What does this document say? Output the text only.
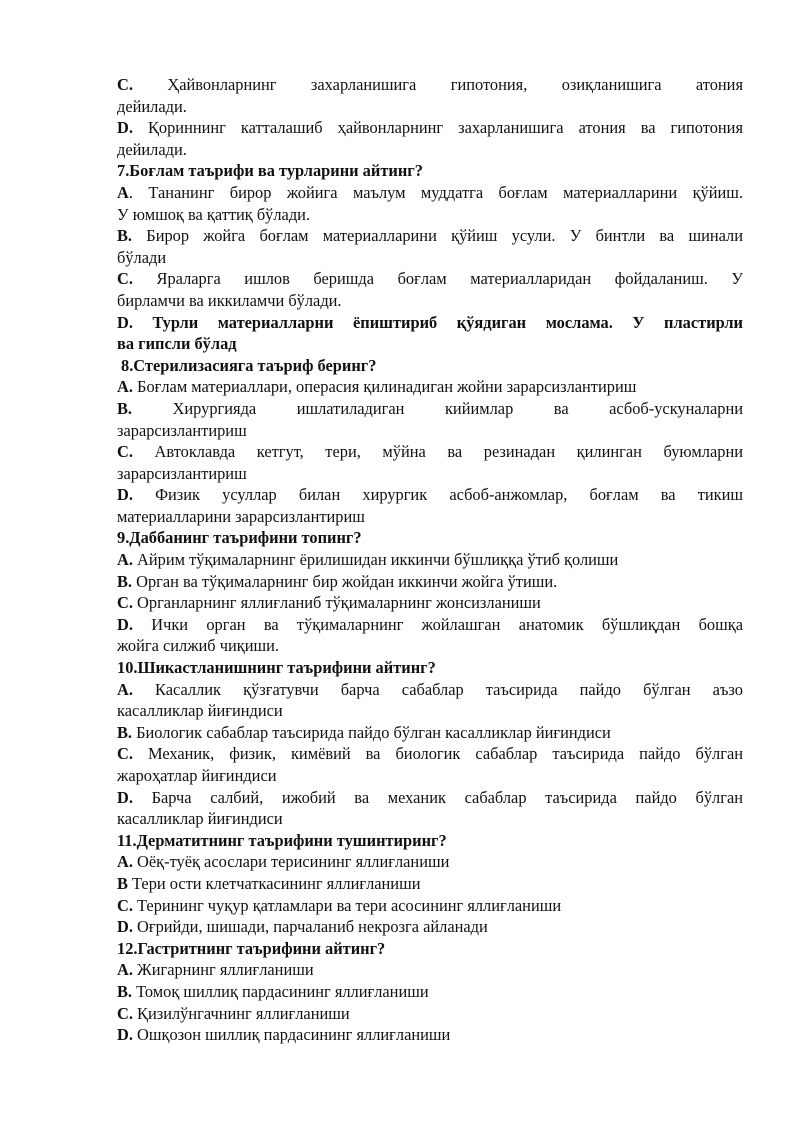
C. Ҳайвонларнинг захарланишига гипотония, озиқланишига атония
дейилади.
D. Қориннинг катталашиб ҳайвонларнинг захарланишига атония ва гипотония
дейилади.
7.Боғлам таърифи ва турларини айтинг?
А. Тананинг бирор жойига маълум муддатга боғлам материалларини қўйиш.
У юмшоқ ва қаттиқ бўлади.
B. Бирор жойга боғлам материалларини қўйиш усули. У бинтли ва шинали
бўлади
C. Яраларга ишлов беришда боғлам материалларидан фойдаланиш. У
бирламчи ва иккиламчи бўлади.
D. Турли материалларни ёпиштириб қўядиган мослама. У пластирли
ва гипсли бўлад
8.Стерилизасияга таъриф беринг?
А. Боғлам материаллари, операсия қилинадиган жойни зарарсизлантириш
B. Хирургияда ишлатиладиган кийимлар ва асбоб-ускуналарни
зарарсизлантириш
C. Автоклавда кетгут, тери, мўйна ва резинадан қилинган буюмларни
зарарсизлантириш
D. Физик усуллар билан хирургик асбоб-анжомлар, боғлам ва тикиш
материалларини зарарсизлантириш
9.Даббанинг таърифини топинг?
А. Айрим тўқималарнинг ёрилишидан иккинчи бўшлиққа ўтиб қолиши
B. Орган ва тўқималарнинг бир жойдан иккинчи жойга ўтиши.
C. Органларнинг яллиғланиб тўқималарнинг жонсизланиши
D. Ички орган ва тўқималарнинг жойлашган анатомик бўшлиқдан бошқа
жойга силжиб чиқиши.
10.Шикастланишнинг таърифини айтинг?
А. Касаллик қўзғатувчи барча сабаблар таъсирида пайдо бўлган аъзо
касалликлар йиғиндиси
B. Биологик сабаблар таъсирида пайдо бўлган касалликлар йиғиндиси
C. Механик, физик, кимёвий ва биологик сабаблар таъсирида пайдо бўлган
жароҳатлар йиғиндиси
D. Барча салбий, ижобий ва механик сабаблар таъсирида пайдо бўлган
касалликлар йиғиндиси
11.Дерматитнинг таърифини тушинтиринг?
А. Оёқ-туёқ асослари терисининг яллиғланиши
B Тери ости клетчаткасининг яллиғланиши
C. Терининг чуқур қатламлари ва тери асосининг яллиғланиши
D. Оғрийди, шишади, парчаланиб некрозга айланади
12.Гастритнинг таърифини айтинг?
А. Жигарнинг яллиғланиши
B. Томоқ шиллиқ пардасининг яллиғланиши
C. Қизилўнгачнинг яллиғланиши
D. Ошқозон шиллиқ пардасининг яллиғланиши
